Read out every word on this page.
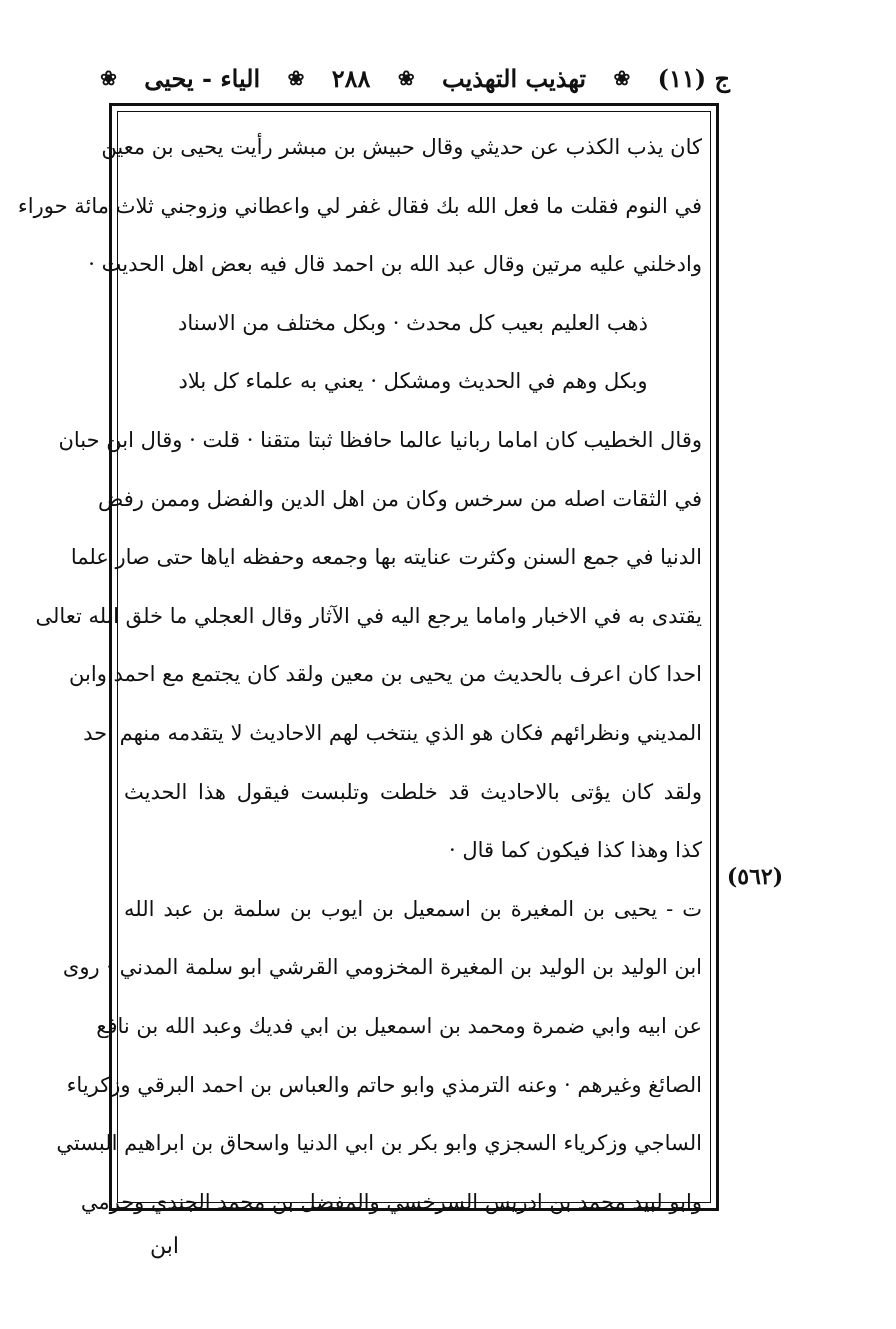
ج (١١)
❀
تهذيب التهذيب
❀
٢٨٨
❀
الياء - يحيى
❀
كان يذب الكذب عن حديثي وقال حبيش بن مبشر رأيت يحيى بن معين
في النوم فقلت ما فعل الله بك فقال غفر لي واعطاني وزوجني ثلاث مائة حوراء
وادخلني عليه مرتين وقال عبد الله بن احمد قال فيه بعض اهل الحديث ·
ذهب العليم بعيب كل محدث · وبكل مختلف من الاسناد
وبكل وهم في الحديث ومشكل · يعني به علماء كل بلاد
وقال الخطيب كان اماما ربانيا عالما حافظا ثبتا متقنا · قلت · وقال ابن حبان
في الثقات اصله من سرخس وكان من اهل الدين والفضل وممن رفض
الدنيا في جمع السنن وكثرت عنايته بها وجمعه وحفظه اياها حتى صار علما
يقتدى به في الاخبار واماما يرجع اليه في الآثار وقال العجلي ما خلق الله تعالى
احدا كان اعرف بالحديث من يحيى بن معين ولقد كان يجتمع مع احمد وابن
المديني ونظرائهم فكان هو الذي ينتخب لهم الاحاديث لا يتقدمه منهم احد
ولقد كان يؤتى بالاحاديث قد خلطت وتلبست فيقول هذا الحديث
كذا وهذا كذا فيكون كما قال ·
ت - يحيى بن المغيرة بن اسمعيل بن ايوب بن سلمة بن عبد الله
ابن الوليد بن الوليد بن المغيرة المخزومي القرشي ابو سلمة المدني · روى
عن ابيه وابي ضمرة ومحمد بن اسمعيل بن ابي فديك وعبد الله بن نافع
الصائغ وغيرهم · وعنه الترمذي وابو حاتم والعباس بن احمد البرقي وزكرياء
الساجي وزكرياء السجزي وابو بكر بن ابي الدنيا واسحاق بن ابراهيم البستي
وابو لبيد محمد بن ادريس السرخسي والمفضل بن محمد الجندي وحرمي
(٥٦٢)
ابن
